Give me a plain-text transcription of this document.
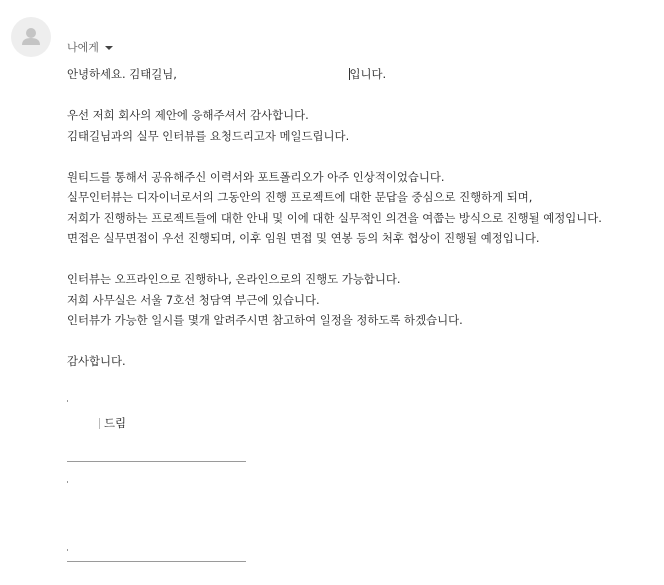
나에게
안녕하세요. 김태길님,	입니다.
우선 저희 회사의 제안에 응해주셔서 감사합니다.
김태길님과의 실무 인터뷰를 요청드리고자 메일드립니다.
원티드를 통해서 공유해주신 이력서와 포트폴리오가 아주 인상적이었습니다.
실무인터뷰는 디자이너로서의 그동안의 진행 프로젝트에 대한 문답을 중심으로 진행하게 되며,
저희가 진행하는 프로젝트들에 대한 안내 및 이에 대한 실무적인 의견을 여쭙는 방식으로 진행될 예정입니다.
면접은 실무면접이 우선 진행되며, 이후 임원 면접 및 연봉 등의 처후 협상이 진행될 예정입니다.
인터뷰는 오프라인으로 진행하나, 온라인으로의 진행도 가능합니다.
저희 사무실은 서울 7호선 청담역 부근에 있습니다.
인터뷰가 가능한 일시를 몇개 알려주시면 참고하여 일정을 정하도록 하겠습니다.
감사합니다.
드림
